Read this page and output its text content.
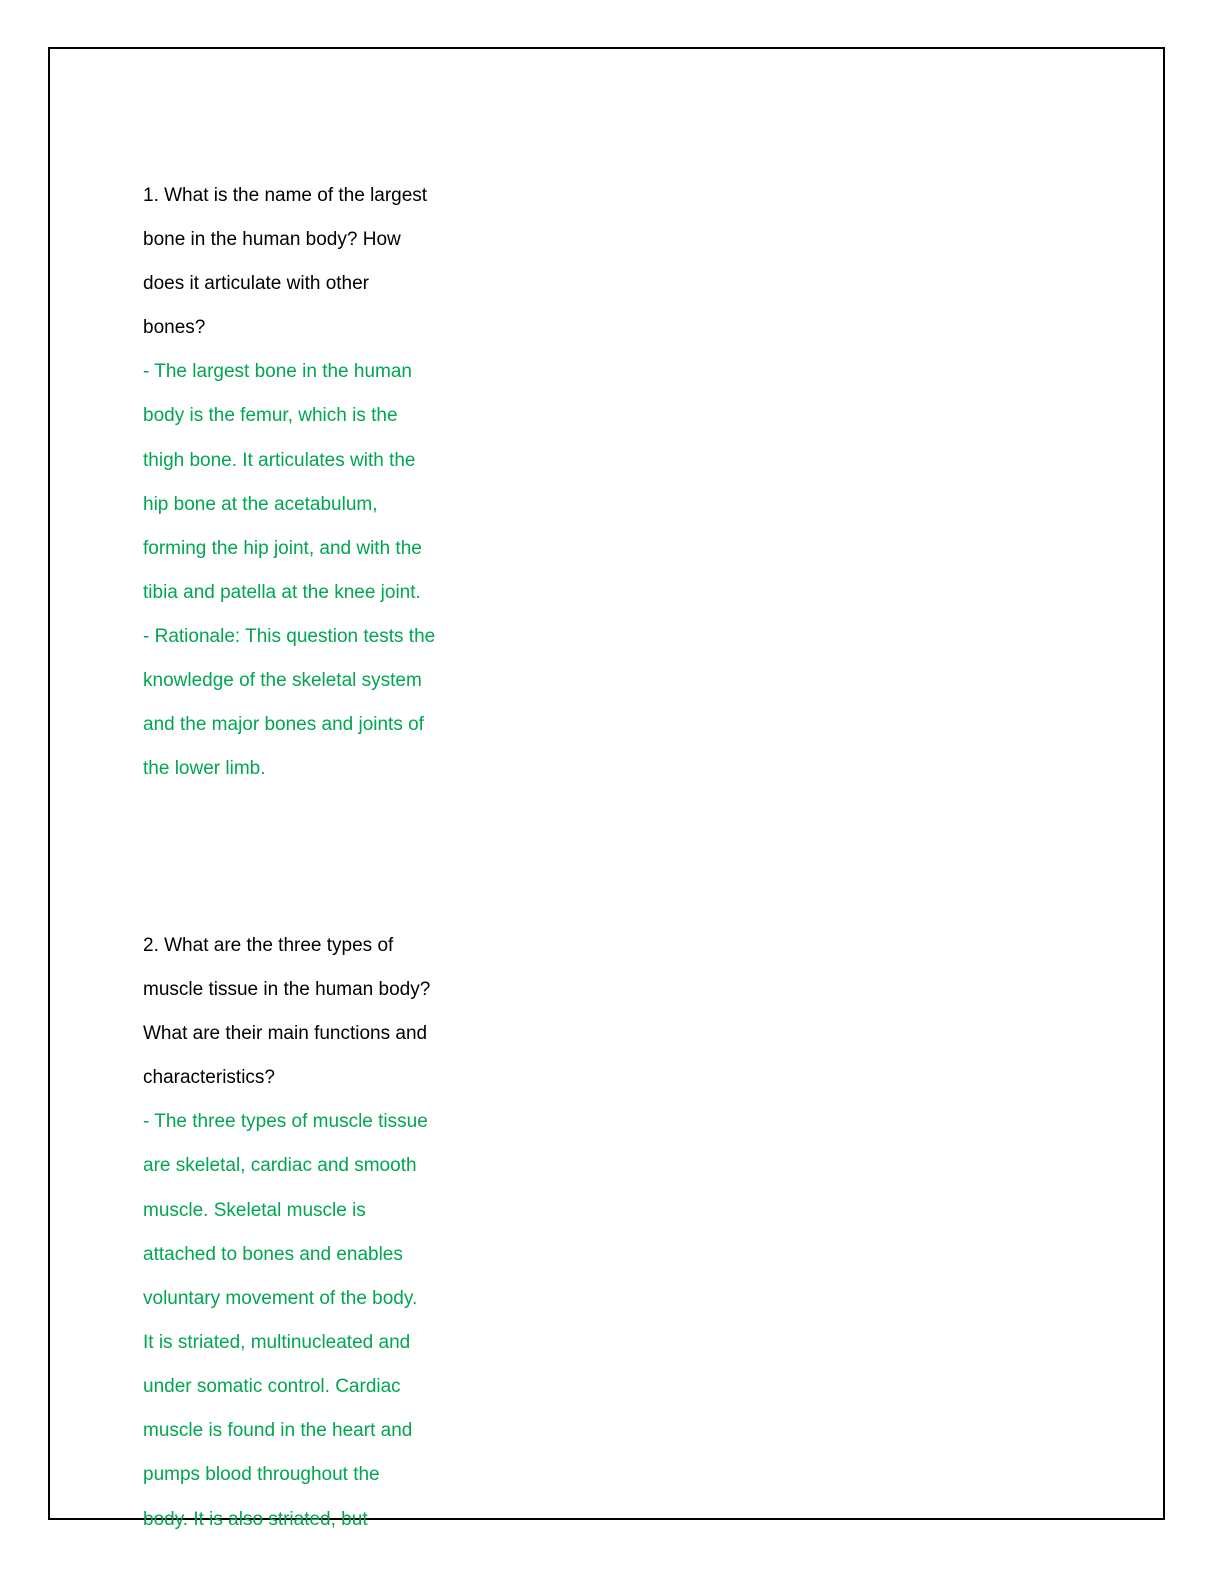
1. What is the name of the largest
bone in the human body? How
does it articulate with other
bones?
- The largest bone in the human
body is the femur, which is the
thigh bone. It articulates with the
hip bone at the acetabulum,
forming the hip joint, and with the
tibia and patella at the knee joint.
- Rationale: This question tests the
knowledge of the skeletal system
and the major bones and joints of
the lower limb.
2. What are the three types of
muscle tissue in the human body?
What are their main functions and
characteristics?
- The three types of muscle tissue
are skeletal, cardiac and smooth
muscle. Skeletal muscle is
attached to bones and enables
voluntary movement of the body.
It is striated, multinucleated and
under somatic control. Cardiac
muscle is found in the heart and
pumps blood throughout the
body. It is also striated, but
